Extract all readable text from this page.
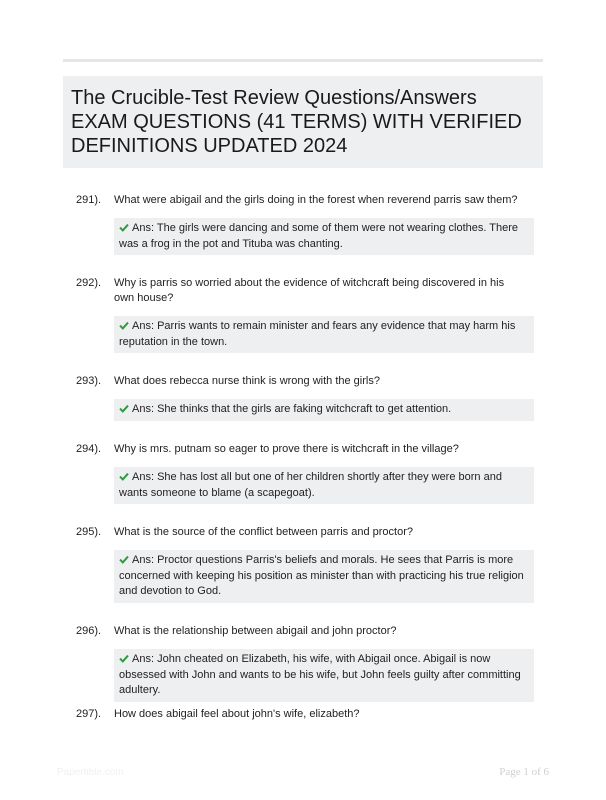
The Crucible-Test Review Questions/Answers
EXAM QUESTIONS (41 TERMS) WITH VERIFIED
DEFINITIONS UPDATED 2024
291). What were abigail and the girls doing in the forest when reverend parris saw them?
Ans: The girls were dancing and some of them were not wearing clothes. There was a frog in the pot and Tituba was chanting.
292). Why is parris so worried about the evidence of witchcraft being discovered in his own house?
Ans: Parris wants to remain minister and fears any evidence that may harm his reputation in the town.
293). What does rebecca nurse think is wrong with the girls?
Ans: She thinks that the girls are faking witchcraft to get attention.
294). Why is mrs. putnam so eager to prove there is witchcraft in the village?
Ans: She has lost all but one of her children shortly after they were born and wants someone to blame (a scapegoat).
295). What is the source of the conflict between parris and proctor?
Ans: Proctor questions Parris's beliefs and morals. He sees that Parris is more concerned with keeping his position as minister than with practicing his true religion and devotion to God.
296). What is the relationship between abigail and john proctor?
Ans: John cheated on Elizabeth, his wife, with Abigail once. Abigail is now obsessed with John and wants to be his wife, but John feels guilty after committing adultery.
297). How does abigail feel about john's wife, elizabeth?
Papertible.com	Page 1 of 6
